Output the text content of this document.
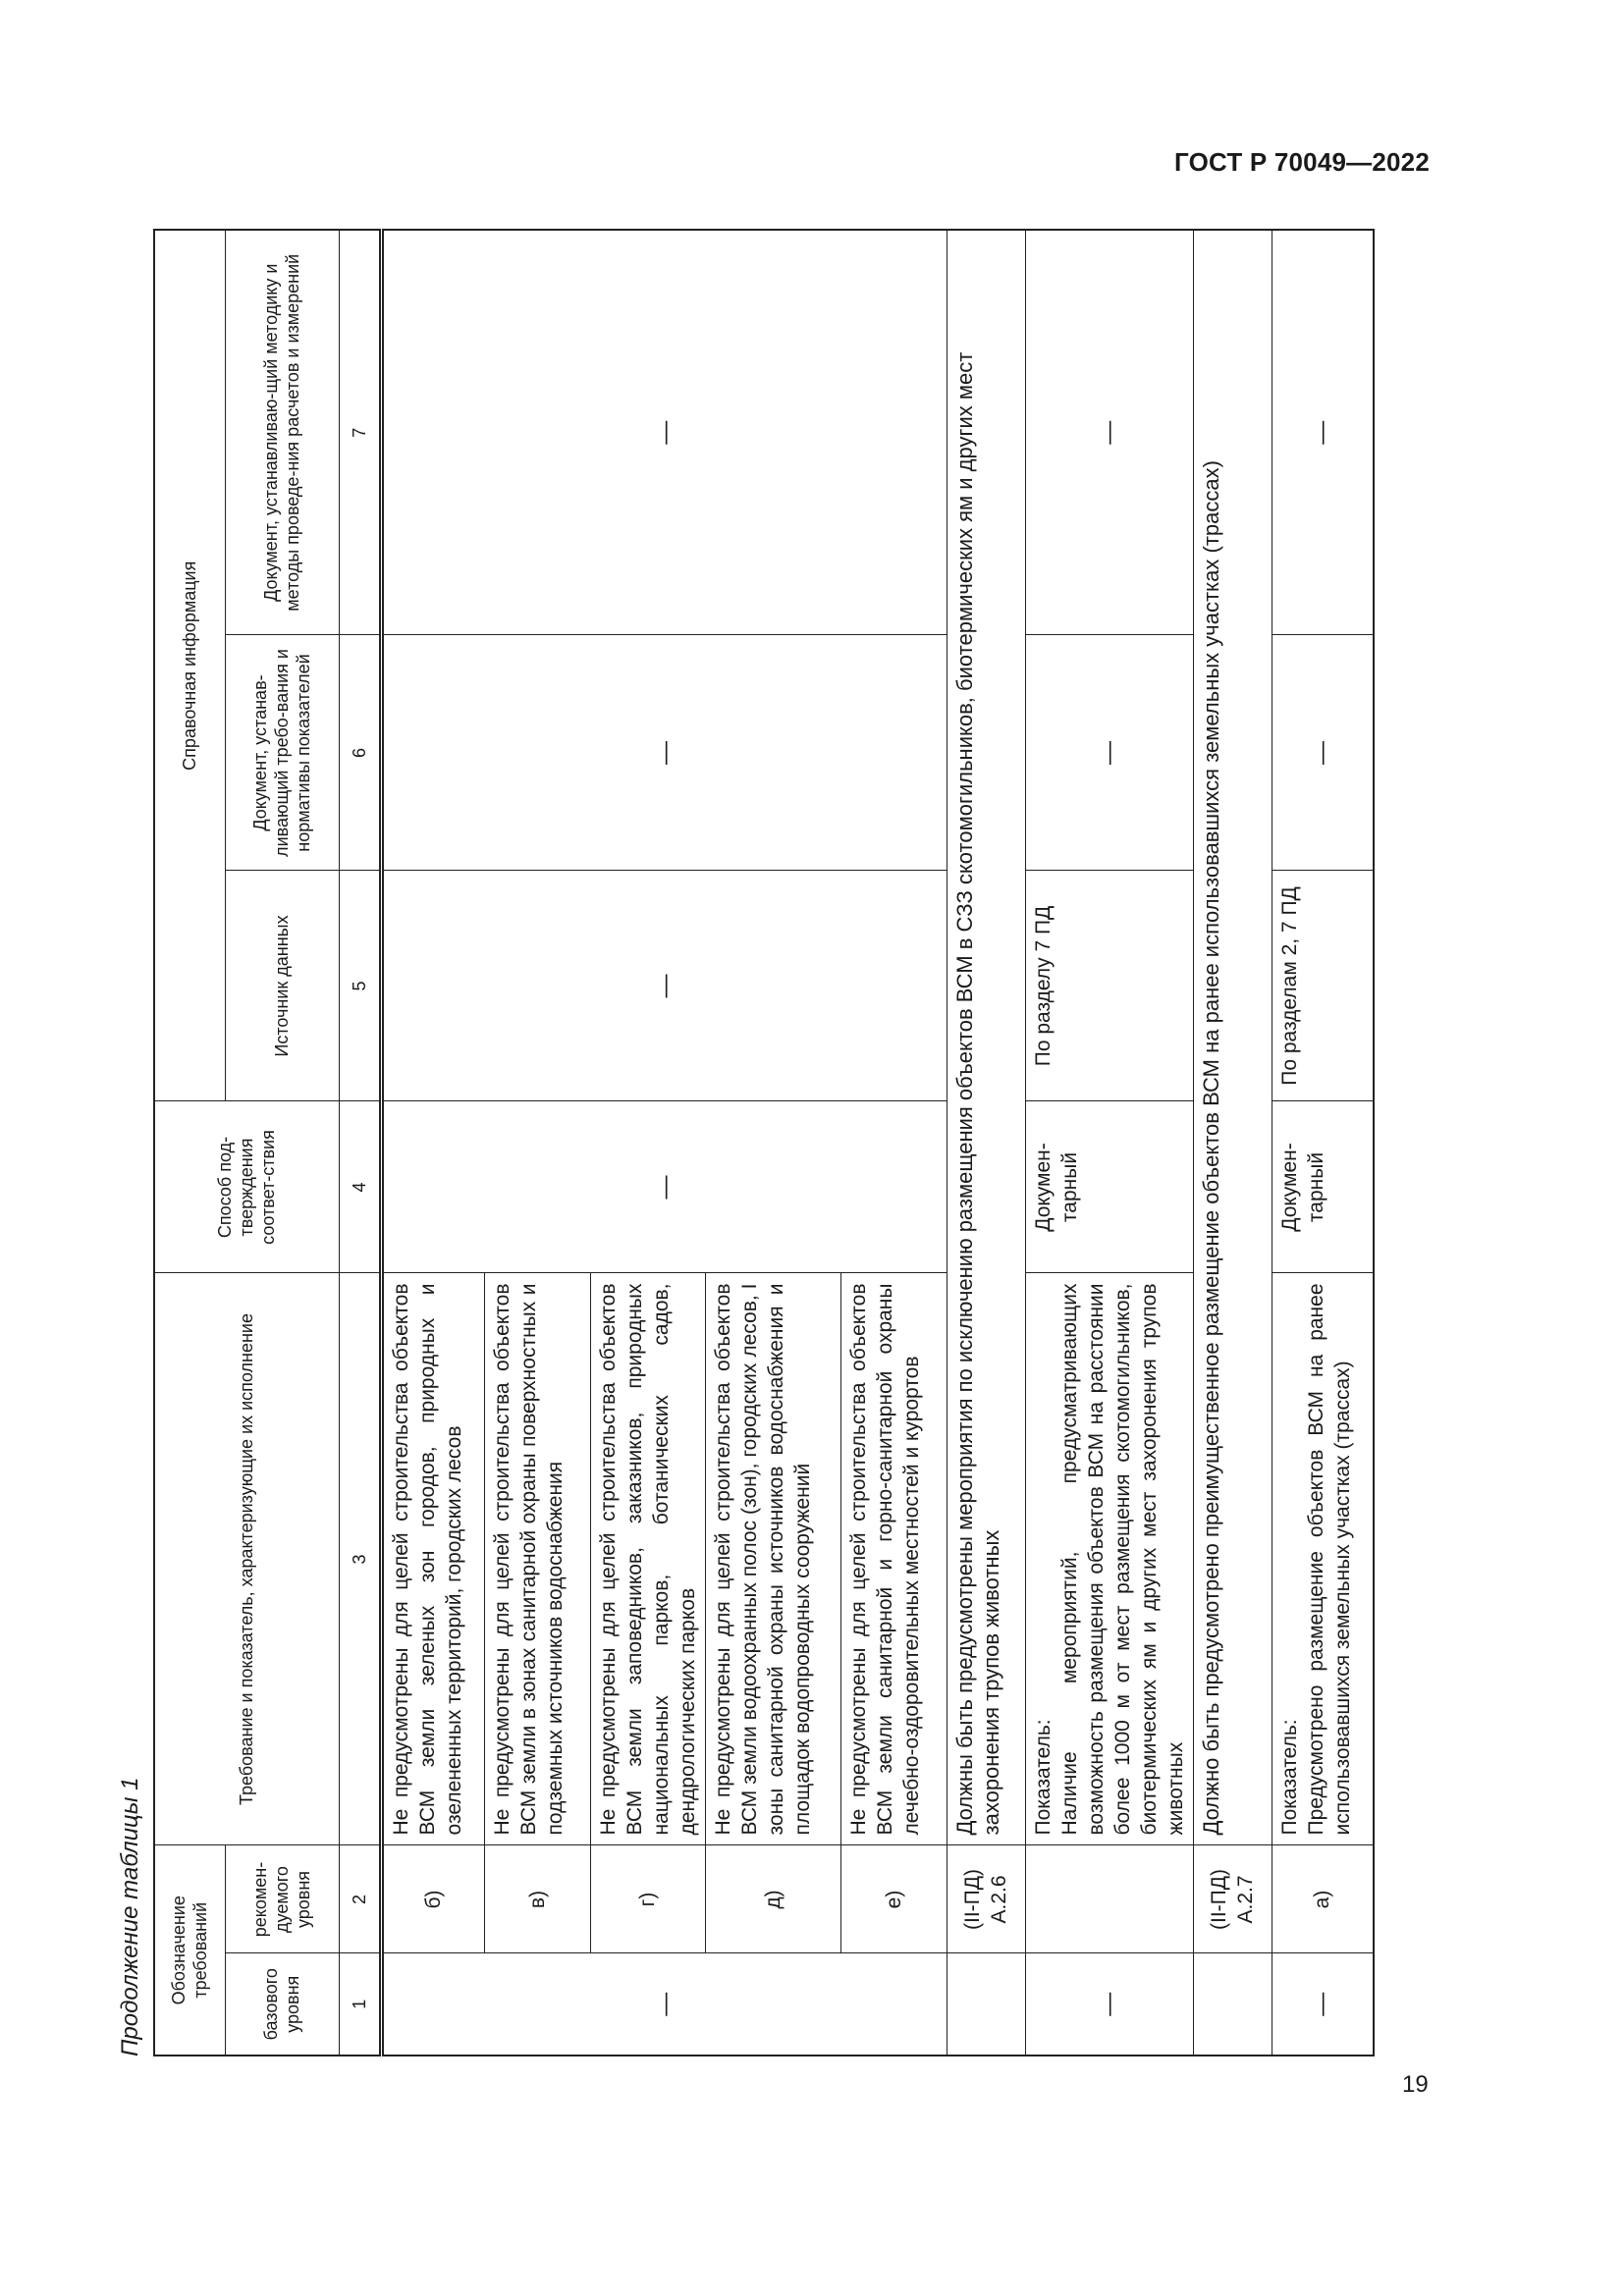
ГОСТ Р 70049—2022
Продолжение таблицы 1	Обозначение требований		Требование и показатель, характеризующие их исполнение	Способ под-тверждения соответ-ствия	Справочная информация		
базового уровня	рекомен-дуемого уровня			Источник данных	Документ, устанав-ливающий требо-вания и нормативы показателей	Документ, устанавливаю-щий методику и методы проведе-ния расчетов и измерений
1	2	3	4	5	6	7
—	б)	Не предусмотрены для целей строительства объектов ВСМ земли зеленых зон городов, природных и озелененных территорий, городских лесов	—	—	—	—
	в)	Не предусмотрены для целей строительства объектов ВСМ земли в зонах санитарной охраны поверхностных и подземных источников водоснабжения				
	г)	Не предусмотрены для целей строительства объектов ВСМ земли заповедников, заказников, природных национальных парков, ботанических садов, дендрологических парков				
	д)	Не предусмотрены для целей строительства объектов ВСМ земли водоохранных полос (зон), городских лесов, I зоны санитарной охраны источников водоснабжения и площадок водопроводных сооружений				
	е)	Не предусмотрены для целей строительства объектов ВСМ земли санитарной и горно-санитарной охраны лечебно-оздоровительных местностей и курортов				
	(II-ПД) А.2.6	Должны быть предусмотрены мероприятия по исключению размещения объектов ВСМ в СЗЗ скотомогильников, биотермических ям и других мест захоронения трупов животных				
—		Показатель: Наличие мероприятий, предусматривающих возможность размещения объектов ВСМ на расстоянии более 1000 м от мест размещения скотомогильников, биотермических ям и других мест захоронения трупов животных	Докумен-тарный	По разделу 7 ПД	—	—
	(II-ПД) А.2.7	Должно быть предусмотрено преимущественное размещение объектов ВСМ на ранее использовавшихся земельных участках (трассах)				
—	а)	Показатель: Предусмотрено размещение объектов ВСМ на ранее использовавшихся земельных участках (трассах)	Докумен-тарный	По разделам 2, 7 ПД	—	—
19
